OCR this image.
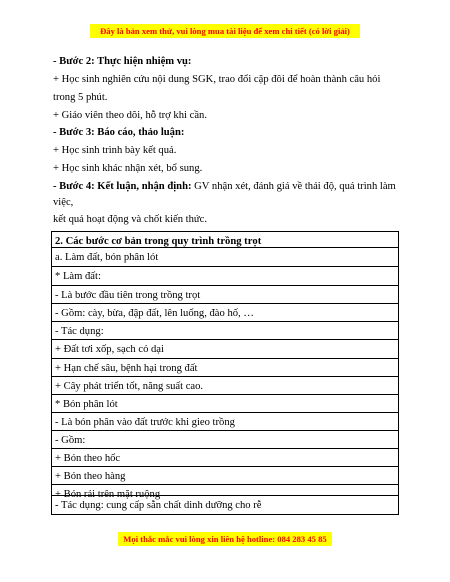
Đây là bản xem thử, vui lòng mua tài liệu để xem chi tiết (có lời giải)
- Bước 2: Thực hiện nhiệm vụ:
+ Học sinh nghiên cứu nội dung SGK, trao đổi cặp đôi để hoàn thành câu hỏi
trong 5 phút.
+ Giáo viên theo dõi, hỗ trợ khi cần.
- Bước 3: Báo cáo, thảo luận:
+ Học sinh trình bày kết quả.
+ Học sinh khác nhận xét, bổ sung.
- Bước 4: Kết luận, nhận định: GV nhận xét, đánh giá về thái độ, quá trình làm
việc,
kết quả hoạt động và chốt kiến thức.
2. Các bước cơ bản trong quy trình trồng trọt
a. Làm đất, bón phân lót
* Làm đất:
- Là bước đầu tiên trong trồng trọt
- Gồm: cày, bừa, đập đất, lên luống, đào hố, …
- Tác dụng:
+ Đất tơi xốp, sạch cỏ dại
+ Hạn chế sâu, bệnh hại trong đất
+ Cây phát triển tốt, năng suất cao.
* Bón phân lót
- Là bón phân vào đất trước khi gieo trồng
- Gồm:
+ Bón theo hốc
+ Bón theo hàng
+ Bón rải trên mặt ruộng
- Tác dụng: cung cấp sẵn chất dinh dưỡng cho rễ
Mọi thắc mắc vui lòng xin liên hệ hotline: 084 283 45 85
